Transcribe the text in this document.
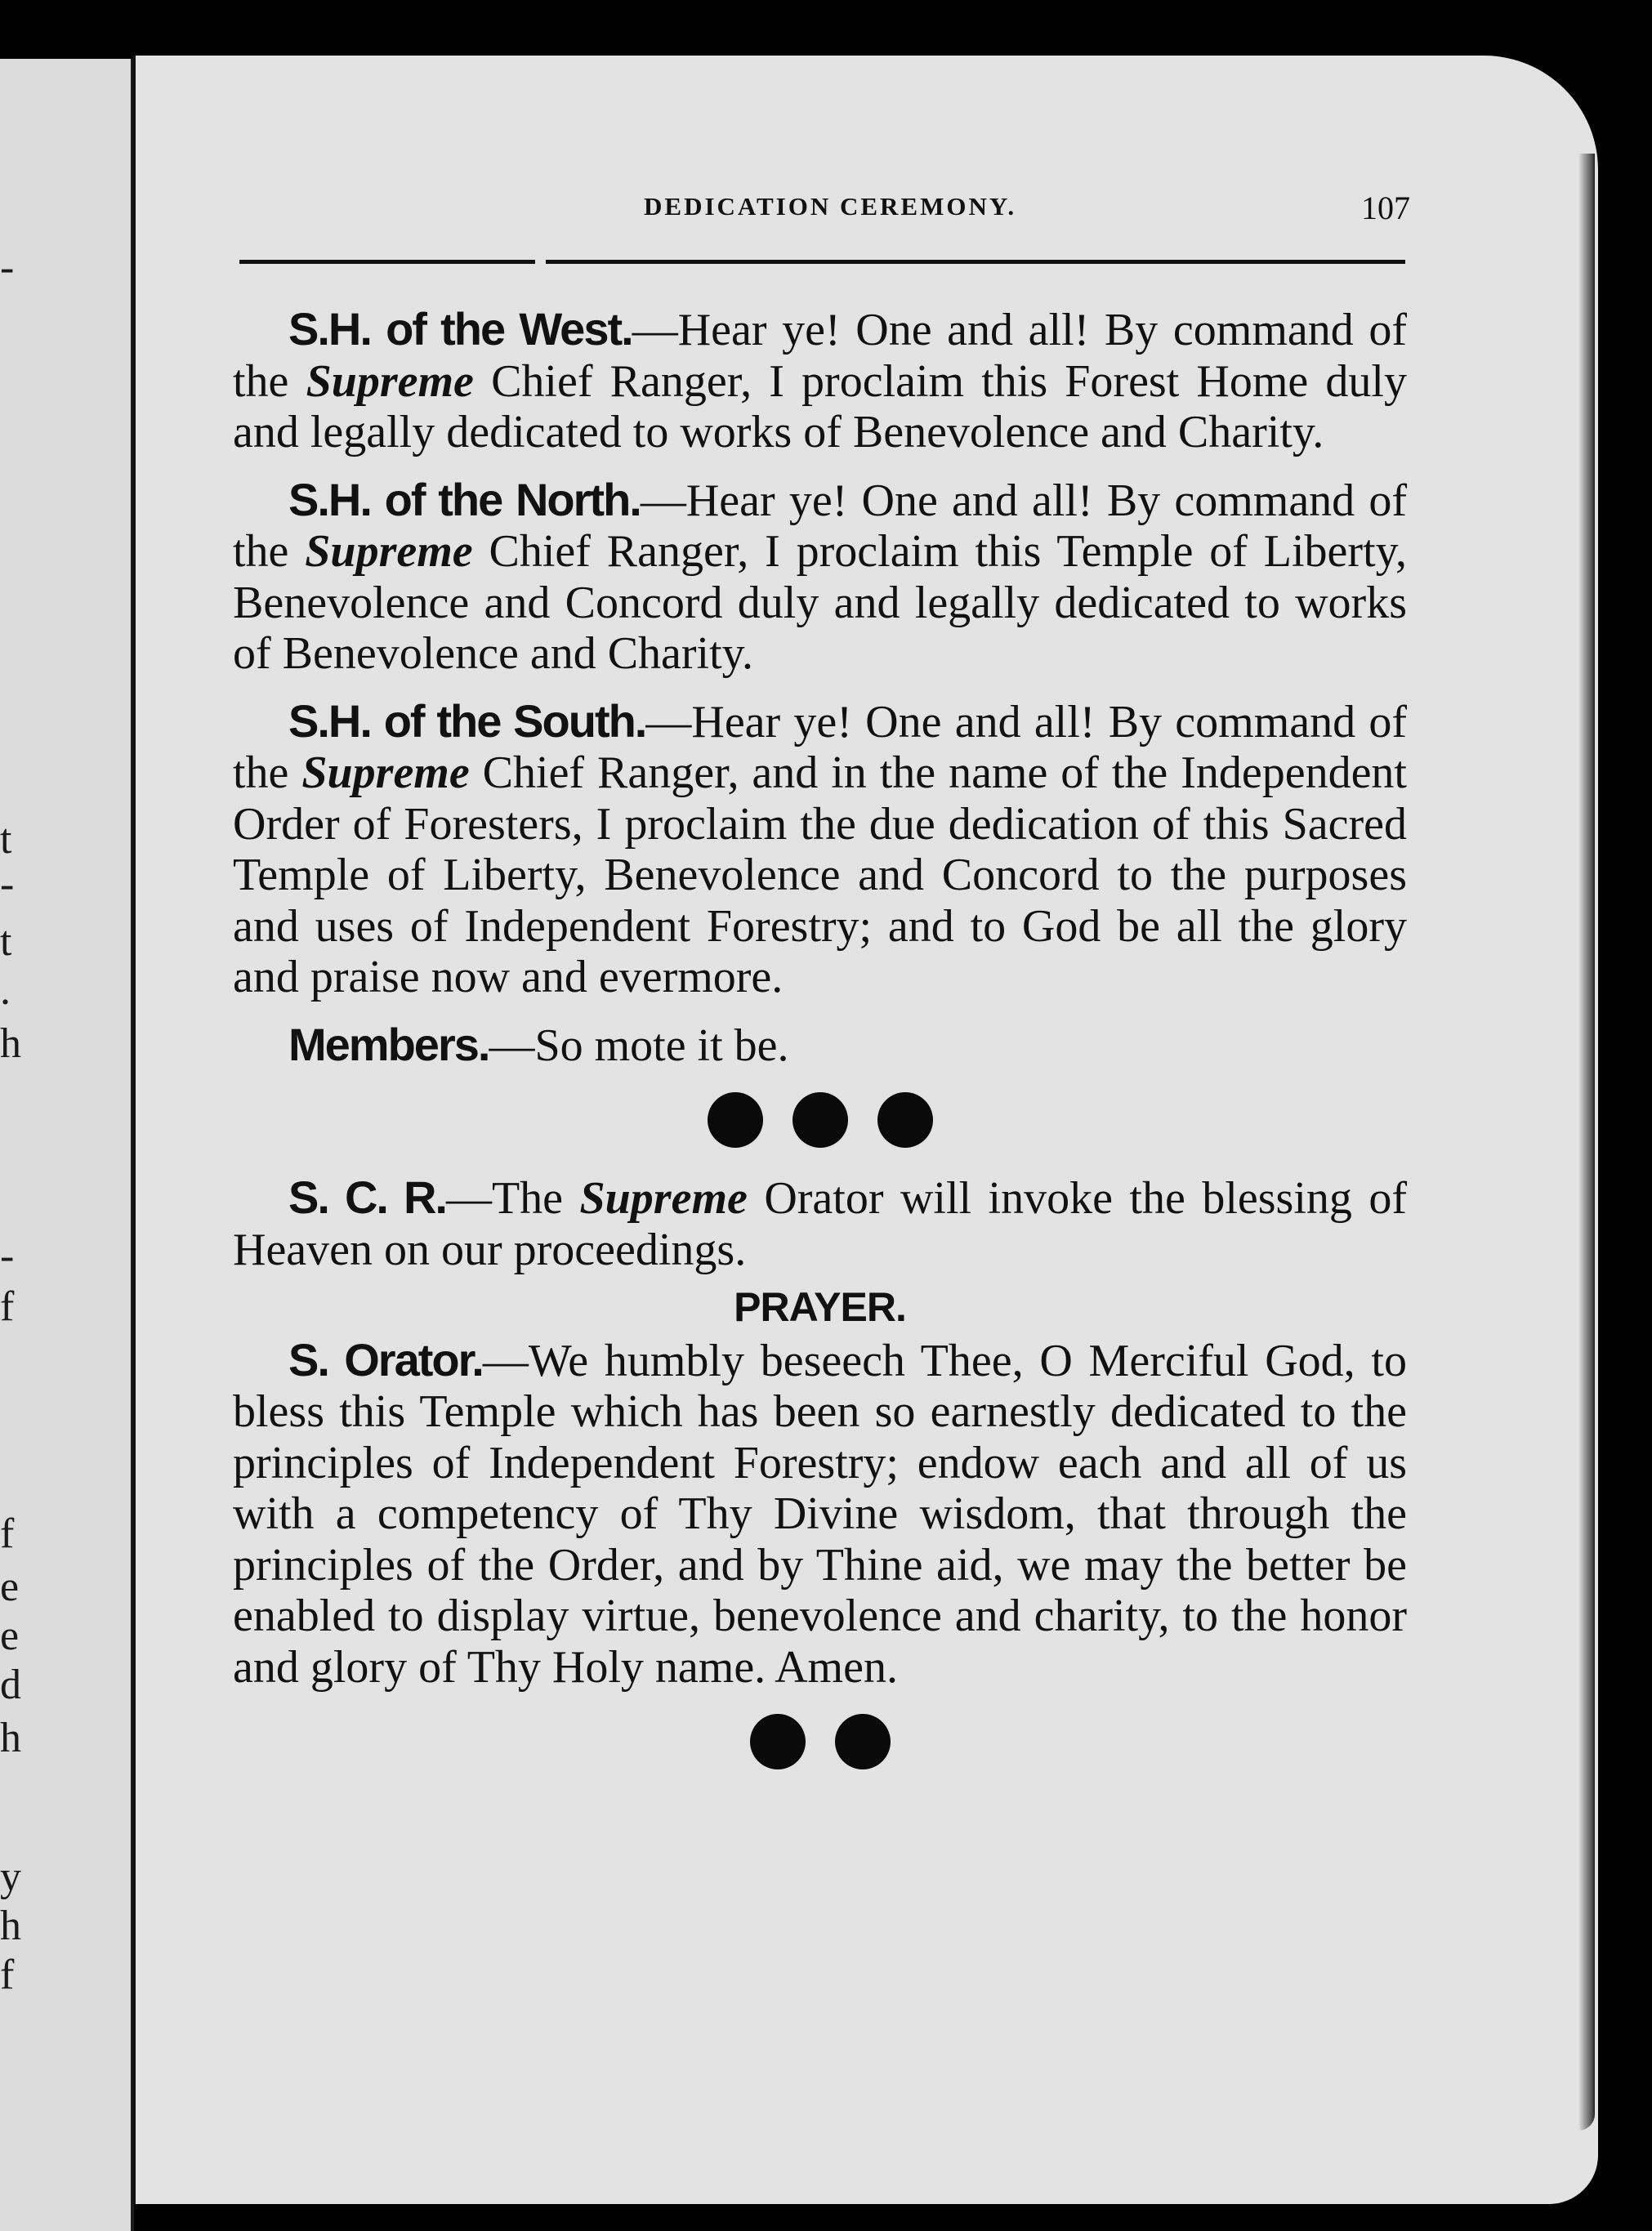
-
t
-
t
.
h
-
f
f
e
e
d
h
y
h
f
DEDICATION CEREMONY.	107

S.H. of the West.—Hear ye! One and all! By command of the Supreme Chief Ranger, I proclaim this Forest Home duly and legally dedicated to works of Benevolence and Charity.

S.H. of the North.—Hear ye! One and all! By command of the Supreme Chief Ranger, I proclaim this Temple of Liberty, Benevolence and Concord duly and legally dedicated to works of Benevolence and Charity.

S.H. of the South.—Hear ye! One and all! By command of the Supreme Chief Ranger, and in the name of the Independent Order of Foresters, I proclaim the due dedication of this Sacred Temple of Liberty, Benevolence and Concord to the purposes and uses of Independent Forestry; and to God be all the glory and praise now and evermore.

Members.—So mote it be.

S. C. R.—The Supreme Orator will invoke the blessing of Heaven on our proceedings.

PRAYER.

S. Orator.—We humbly beseech Thee, O Merciful God, to bless this Temple which has been so earnestly dedicated to the principles of Independent Forestry; endow each and all of us with a competency of Thy Divine wisdom, that through the principles of the Order, and by Thine aid, we may the better be enabled to display virtue, benevolence and charity, to the honor and glory of Thy Holy name. Amen.
